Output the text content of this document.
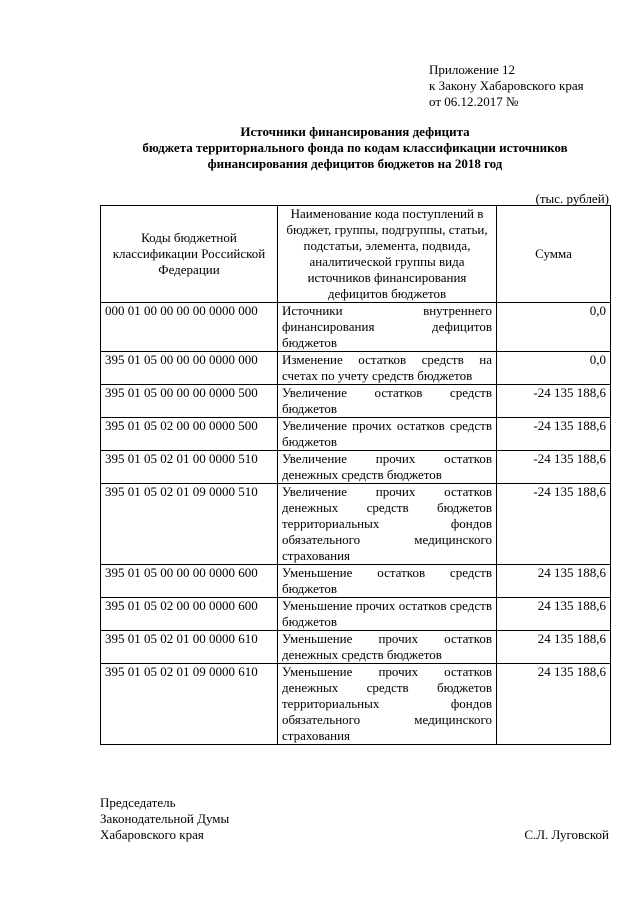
Приложение 12
к Закону Хабаровского края
от 06.12.2017 №
Источники финансирования дефицита
бюджета территориального фонда по кодам классификации источников
финансирования дефицитов бюджетов на 2018 год
(тыс. рублей)
Коды бюджетной классификации Российской Федерации	Наименование кода поступлений в бюджет, группы, подгруппы, статьи, подстатьи, элемента, подвида, аналитической группы вида источников финансирования дефицитов бюджетов	Сумма
000 01 00 00 00 00 0000 000	Источники внутреннего финансирования дефицитов бюджетов	0,0
395 01 05 00 00 00 0000 000	Изменение остатков средств на счетах по учету средств бюджетов	0,0
395 01 05 00 00 00 0000 500	Увеличение остатков средств бюджетов	-24 135 188,6
395 01 05 02 00 00 0000 500	Увеличение прочих остатков средств бюджетов	-24 135 188,6
395 01 05 02 01 00 0000 510	Увеличение прочих остатков денежных средств бюджетов	-24 135 188,6
395 01 05 02 01 09 0000 510	Увеличение прочих остатков денежных средств бюджетов территориальных фондов обязательного медицинского страхования	-24 135 188,6
395 01 05 00 00 00 0000 600	Уменьшение остатков средств бюджетов	24 135 188,6
395 01 05 02 00 00 0000 600	Уменьшение прочих остатков средств бюджетов	24 135 188,6
395 01 05 02 01 00 0000 610	Уменьшение прочих остатков денежных средств бюджетов	24 135 188,6
395 01 05 02 01 09 0000 610	Уменьшение прочих остатков денежных средств бюджетов территориальных фондов обязательного медицинского страхования	24 135 188,6
Председатель
Законодательной Думы
Хабаровского края	С.Л. Луговской
